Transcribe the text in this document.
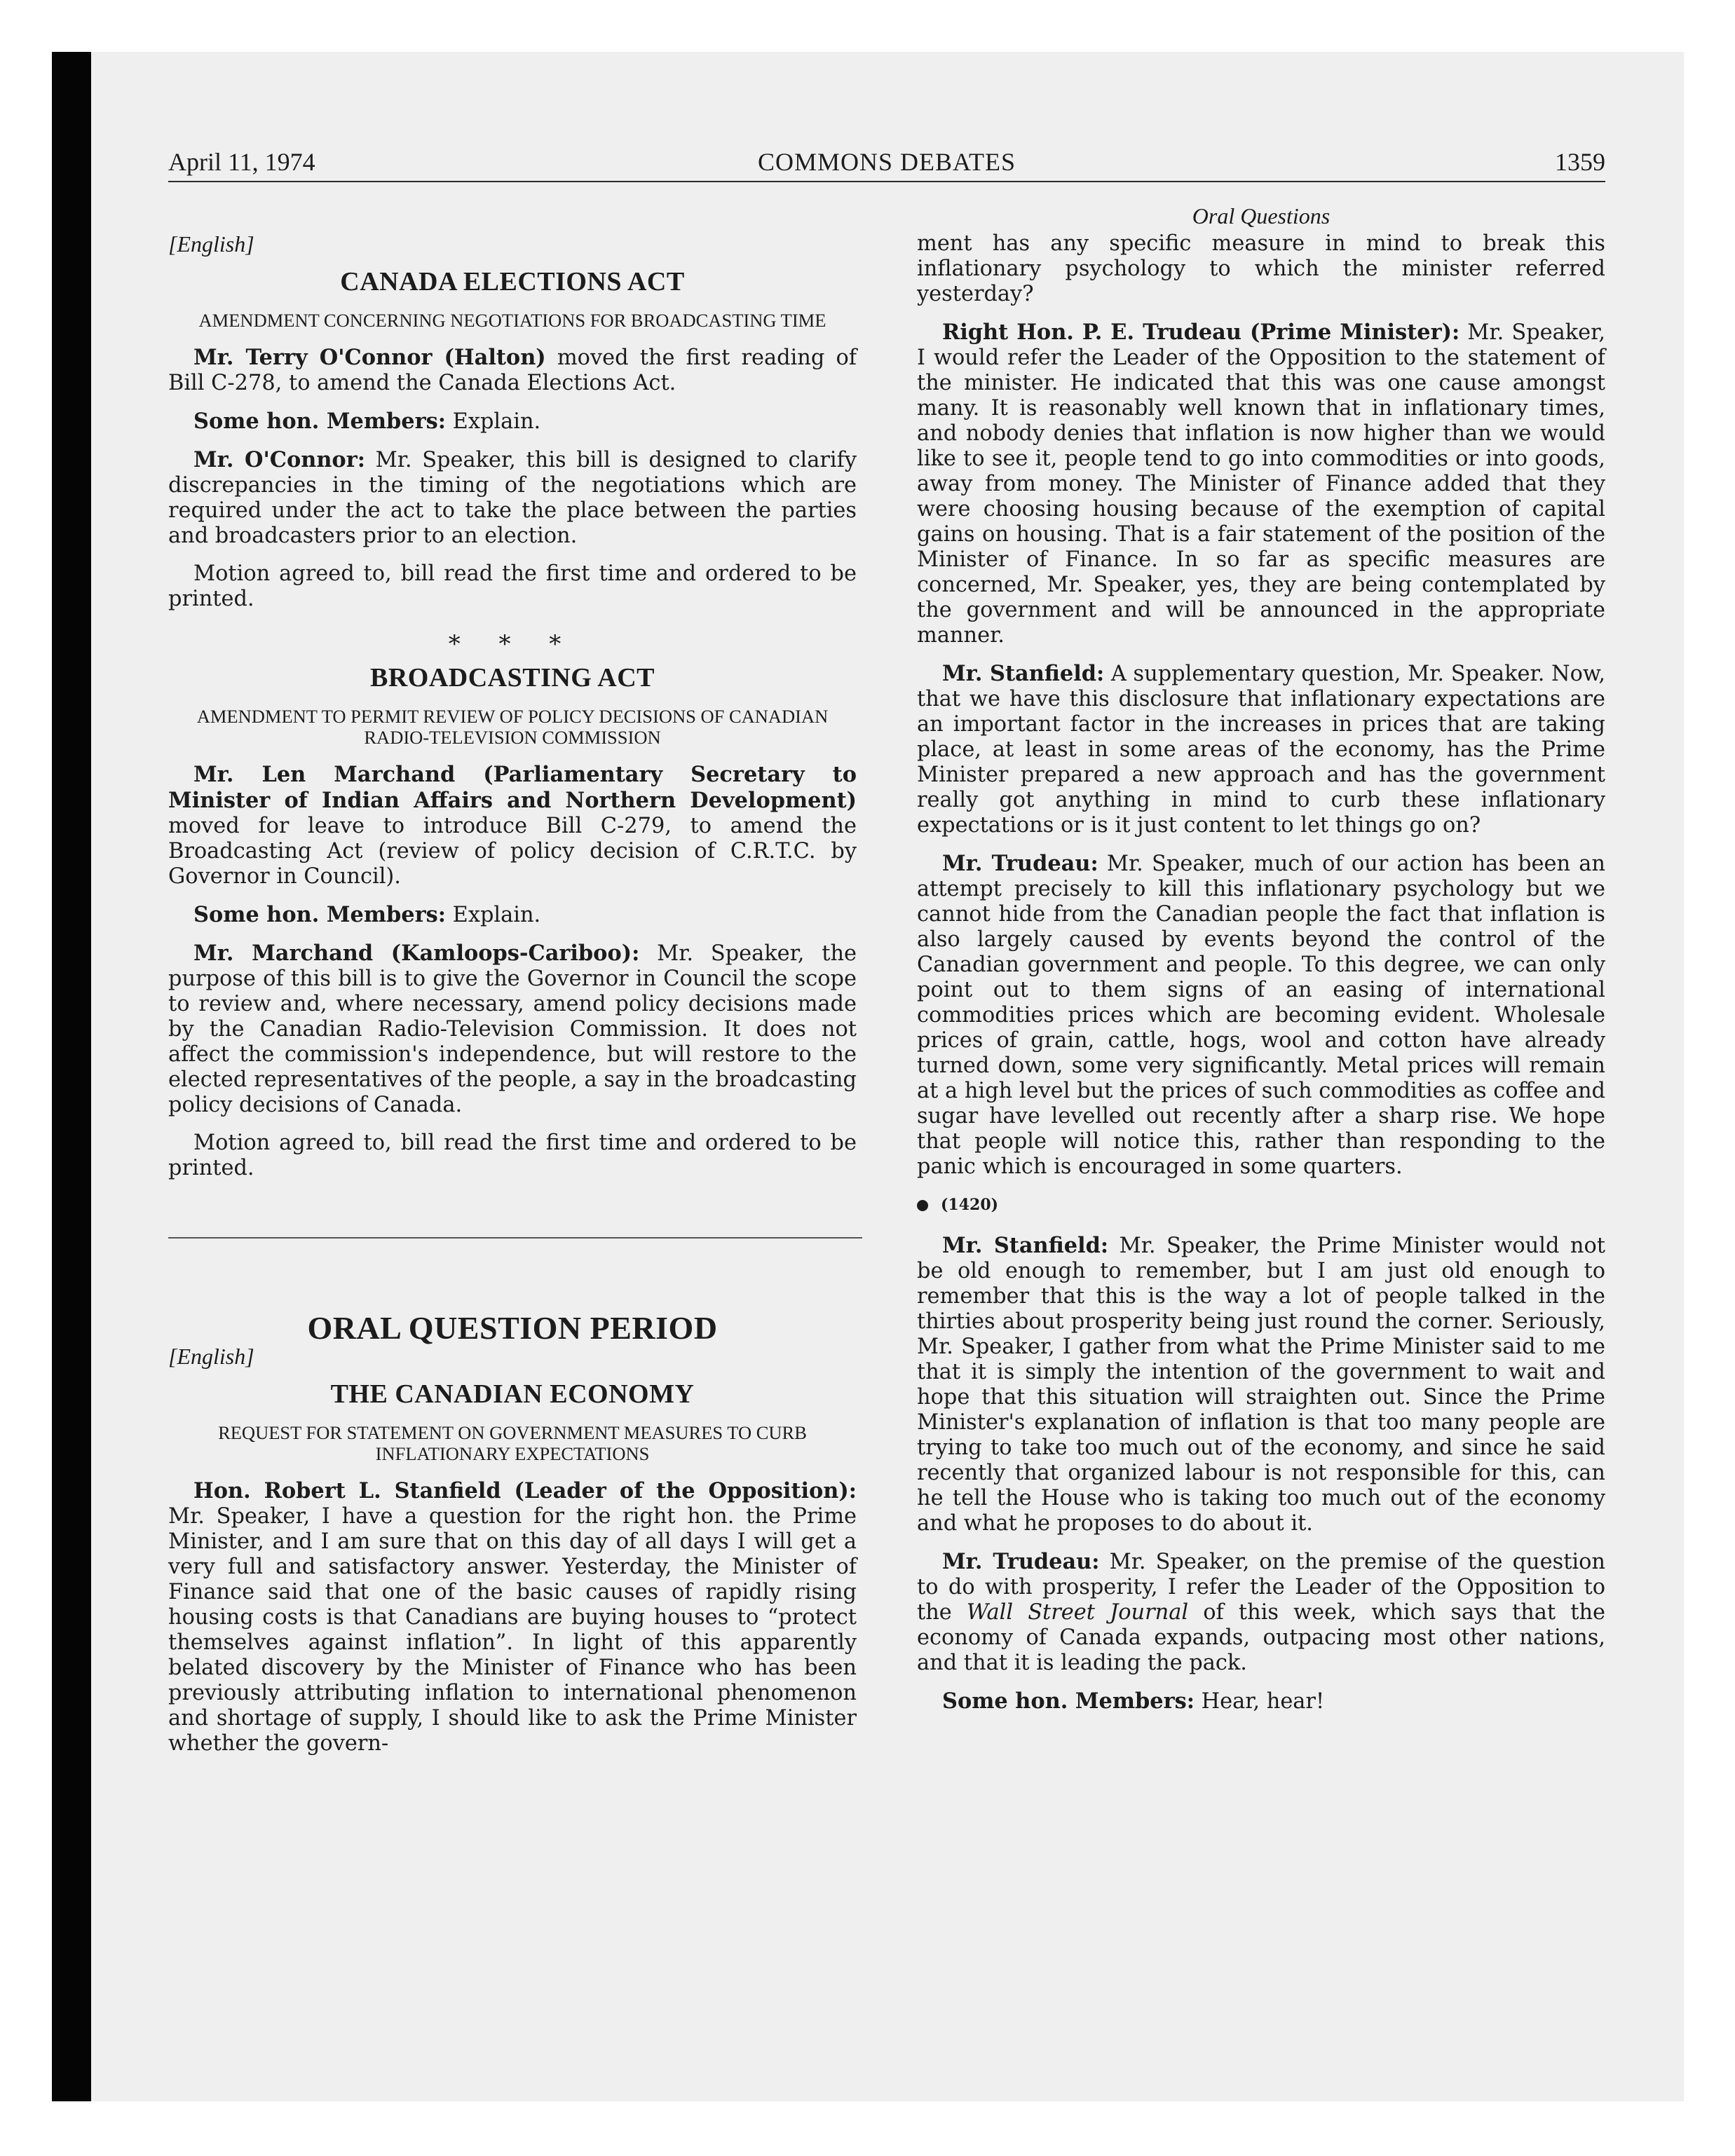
April 11, 1974	COMMONS DEBATES	1359
[English]
CANADA ELECTIONS ACT
AMENDMENT CONCERNING NEGOTIATIONS FOR BROADCASTING TIME

Mr. Terry O'Connor (Halton) moved the first reading of Bill C-278, to amend the Canada Elections Act.

Some hon. Members: Explain.

Mr. O'Connor: Mr. Speaker, this bill is designed to clarify discrepancies in the timing of the negotiations which are required under the act to take the place between the parties and broadcasters prior to an election.

Motion agreed to, bill read the first time and ordered to be printed.

* * *
BROADCASTING ACT
AMENDMENT TO PERMIT REVIEW OF POLICY DECISIONS OF CANADIAN RADIO-TELEVISION COMMISSION

Mr. Len Marchand (Parliamentary Secretary to Minister of Indian Affairs and Northern Development) moved for leave to introduce Bill C-279, to amend the Broadcasting Act (review of policy decision of C.R.T.C. by Governor in Council).

Some hon. Members: Explain.

Mr. Marchand (Kamloops-Cariboo): Mr. Speaker, the purpose of this bill is to give the Governor in Council the scope to review and, where necessary, amend policy decisions made by the Canadian Radio-Television Commission. It does not affect the commission's independence, but will restore to the elected representatives of the people, a say in the broadcasting policy decisions of Canada.

Motion agreed to, bill read the first time and ordered to be printed.

ORAL QUESTION PERIOD
[English]
THE CANADIAN ECONOMY
REQUEST FOR STATEMENT ON GOVERNMENT MEASURES TO CURB INFLATIONARY EXPECTATIONS

Hon. Robert L. Stanfield (Leader of the Opposition): Mr. Speaker, I have a question for the right hon. the Prime Minister, and I am sure that on this day of all days I will get a very full and satisfactory answer. Yesterday, the Minister of Finance said that one of the basic causes of rapidly rising housing costs is that Canadians are buying houses to “protect themselves against inflation”. In light of this apparently belated discovery by the Minister of Finance who has been previously attributing inflation to international phenomenon and shortage of supply, I should like to ask the Prime Minister whether the govern-

Oral Questions

ment has any specific measure in mind to break this inflationary psychology to which the minister referred yesterday?

Right Hon. P. E. Trudeau (Prime Minister): Mr. Speaker, I would refer the Leader of the Opposition to the statement of the minister. He indicated that this was one cause amongst many. It is reasonably well known that in inflationary times, and nobody denies that inflation is now higher than we would like to see it, people tend to go into commodities or into goods, away from money. The Minister of Finance added that they were choosing housing because of the exemption of capital gains on housing. That is a fair statement of the position of the Minister of Finance. In so far as specific measures are concerned, Mr. Speaker, yes, they are being contemplated by the government and will be announced in the appropriate manner.

Mr. Stanfield: A supplementary question, Mr. Speaker. Now, that we have this disclosure that inflationary expectations are an important factor in the increases in prices that are taking place, at least in some areas of the economy, has the Prime Minister prepared a new approach and has the government really got anything in mind to curb these inflationary expectations or is it just content to let things go on?

Mr. Trudeau: Mr. Speaker, much of our action has been an attempt precisely to kill this inflationary psychology but we cannot hide from the Canadian people the fact that inflation is also largely caused by events beyond the control of the Canadian government and people. To this degree, we can only point out to them signs of an easing of international commodities prices which are becoming evident. Wholesale prices of grain, cattle, hogs, wool and cotton have already turned down, some very significantly. Metal prices will remain at a high level but the prices of such commodities as coffee and sugar have levelled out recently after a sharp rise. We hope that people will notice this, rather than responding to the panic which is encouraged in some quarters.

(1420)

Mr. Stanfield: Mr. Speaker, the Prime Minister would not be old enough to remember, but I am just old enough to remember that this is the way a lot of people talked in the thirties about prosperity being just round the corner. Seriously, Mr. Speaker, I gather from what the Prime Minister said to me that it is simply the intention of the government to wait and hope that this situation will straighten out. Since the Prime Minister's explanation of inflation is that too many people are trying to take too much out of the economy, and since he said recently that organized labour is not responsible for this, can he tell the House who is taking too much out of the economy and what he proposes to do about it.

Mr. Trudeau: Mr. Speaker, on the premise of the question to do with prosperity, I refer the Leader of the Opposition to the Wall Street Journal of this week, which says that the economy of Canada expands, outpacing most other nations, and that it is leading the pack.

Some hon. Members: Hear, hear!
